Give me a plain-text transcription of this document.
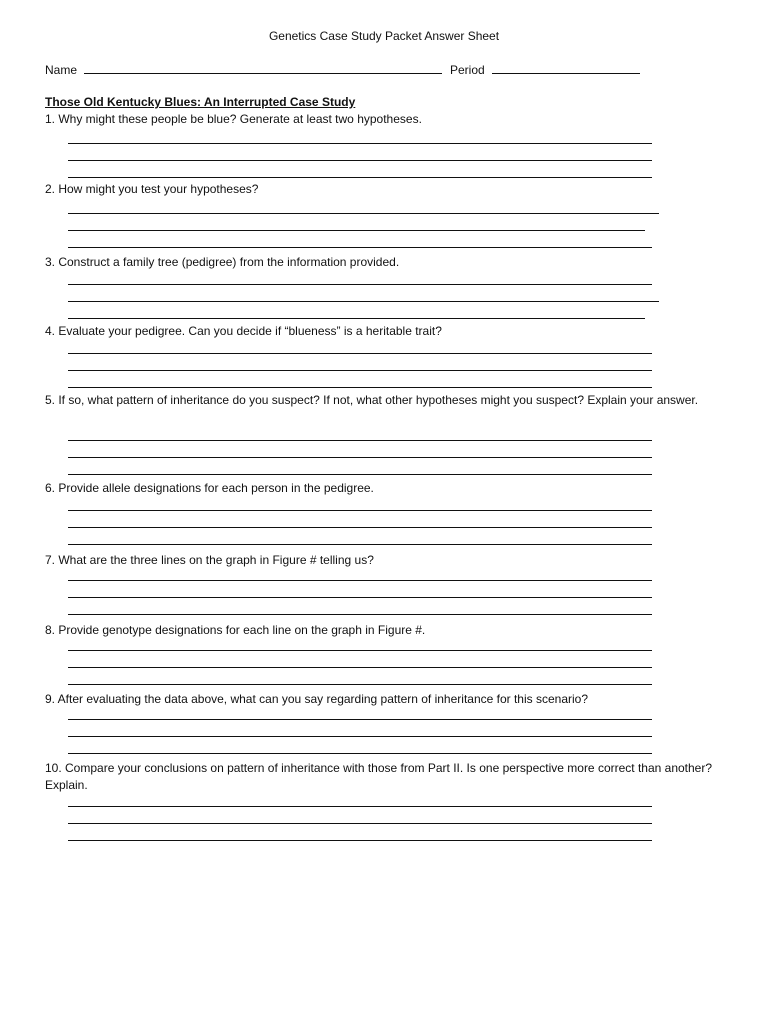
Genetics Case Study Packet Answer Sheet
Name	Period
Those Old Kentucky Blues: An Interrupted Case Study
1. Why might these people be blue? Generate at least two hypotheses.
2. How might you test your hypotheses?
3. Construct a family tree (pedigree) from the information provided.
4. Evaluate your pedigree. Can you decide if “blueness” is a heritable trait?
5. If so, what pattern of inheritance do you suspect? If not, what other hypotheses might you suspect? Explain your answer.
6. Provide allele designations for each person in the pedigree.
7. What are the three lines on the graph in Figure # telling us?
8. Provide genotype designations for each line on the graph in Figure #.
9. After evaluating the data above, what can you say regarding pattern of inheritance for this scenario?
10. Compare your conclusions on pattern of inheritance with those from Part II. Is one perspective more correct than another? Explain.
